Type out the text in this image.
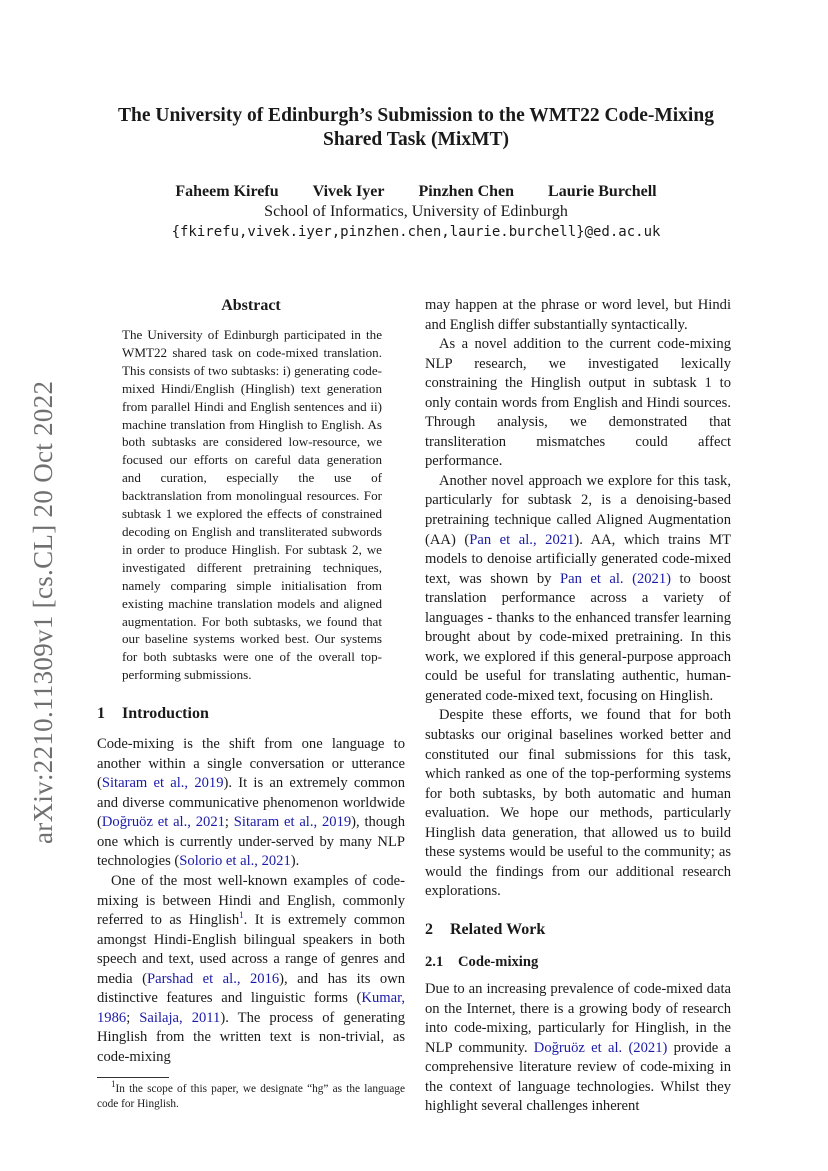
arXiv:2210.11309v1 [cs.CL] 20 Oct 2022
The University of Edinburgh’s Submission to the WMT22 Code-Mixing
Shared Task (MixMT)
Faheem Kirefu Vivek Iyer Pinzhen Chen Laurie Burchell
School of Informatics, University of Edinburgh
{fkirefu,vivek.iyer,pinzhen.chen,laurie.burchell}@ed.ac.uk
Abstract
The University of Edinburgh participated in the WMT22 shared task on code-mixed translation. This consists of two subtasks: i) generating code-mixed Hindi/English (Hinglish) text generation from parallel Hindi and English sentences and ii) machine translation from Hinglish to English. As both subtasks are considered low-resource, we focused our efforts on careful data generation and curation, especially the use of backtranslation from monolingual resources. For subtask 1 we explored the effects of constrained decoding on English and transliterated subwords in order to produce Hinglish. For subtask 2, we investigated different pretraining techniques, namely comparing simple initialisation from existing machine translation models and aligned augmentation. For both subtasks, we found that our baseline systems worked best. Our systems for both subtasks were one of the overall top-performing submissions.
1 Introduction

Code-mixing is the shift from one language to another within a single conversation or utterance (Sitaram et al., 2019). It is an extremely common and diverse communicative phenomenon worldwide (Doğruöz et al., 2021; Sitaram et al., 2019), though one which is currently under-served by many NLP technologies (Solorio et al., 2021).

One of the most well-known examples of code-mixing is between Hindi and English, commonly referred to as Hinglish$^1$. It is extremely common amongst Hindi-English bilingual speakers in both speech and text, used across a range of genres and media (Parshad et al., 2016), and has its own distinctive features and linguistic forms (Kumar, 1986; Sailaja, 2011). The process of generating Hinglish from the written text is non-trivial, as code-mixing

$^1$In the scope of this paper, we designate “hg” as the language code for Hinglish.

may happen at the phrase or word level, but Hindi and English differ substantially syntactically.

As a novel addition to the current code-mixing NLP research, we investigated lexically constraining the Hinglish output in subtask 1 to only contain words from English and Hindi sources. Through analysis, we demonstrated that transliteration mismatches could affect performance.

Another novel approach we explore for this task, particularly for subtask 2, is a denoising-based pretraining technique called Aligned Augmentation (AA) (Pan et al., 2021). AA, which trains MT models to denoise artificially generated code-mixed text, was shown by Pan et al. (2021) to boost translation performance across a variety of languages - thanks to the enhanced transfer learning brought about by code-mixed pretraining. In this work, we explored if this general-purpose approach could be useful for translating authentic, human-generated code-mixed text, focusing on Hinglish.

Despite these efforts, we found that for both subtasks our original baselines worked better and constituted our final submissions for this task, which ranked as one of the top-performing systems for both subtasks, by both automatic and human evaluation. We hope our methods, particularly Hinglish data generation, that allowed us to build these systems would be useful to the community; as would the findings from our additional research explorations.

2 Related Work
2.1 Code-mixing

Due to an increasing prevalence of code-mixed data on the Internet, there is a growing body of research into code-mixing, particularly for Hinglish, in the NLP community. Doğruöz et al. (2021) provide a comprehensive literature review of code-mixing in the context of language technologies. Whilst they highlight several challenges inherent
